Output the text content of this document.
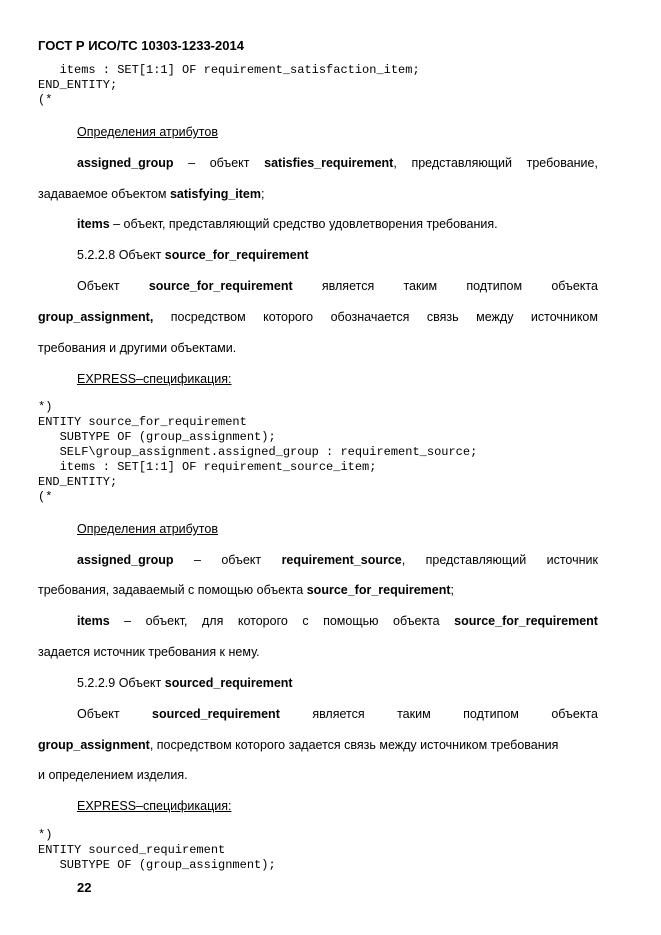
ГОСТ Р ИСО/ТС 10303-1233-2014
items : SET[1:1] OF requirement_satisfaction_item;
END_ENTITY;
(*
Определения атрибутов
assigned_group – объект satisfies_requirement, представляющий требование,
задаваемое объектом satisfying_item;
items – объект, представляющий средство удовлетворения требования.
5.2.2.8 Объект source_for_requirement
Объект source_for_requirement является таким подтипом объекта
group_assignment, посредством которого обозначается связь между источником
требования и другими объектами.
EXPRESS–спецификация:
*)
ENTITY source_for_requirement
SUBTYPE OF (group_assignment);
SELF\group_assignment.assigned_group : requirement_source;
items : SET[1:1] OF requirement_source_item;
END_ENTITY;
(*
Определения атрибутов
assigned_group – объект requirement_source, представляющий источник
требования, задаваемый с помощью объекта source_for_requirement;
items – объект, для которого с помощью объекта source_for_requirement
задается источник требования к нему.
5.2.2.9 Объект sourced_requirement
Объект	sourced_requirement	является	таким	подтипом	объекта
group_assignment, посредством которого задается связь между источником требования
и определением изделия.
EXPRESS–спецификация:
*)
ENTITY sourced_requirement
SUBTYPE OF (group_assignment);
22
